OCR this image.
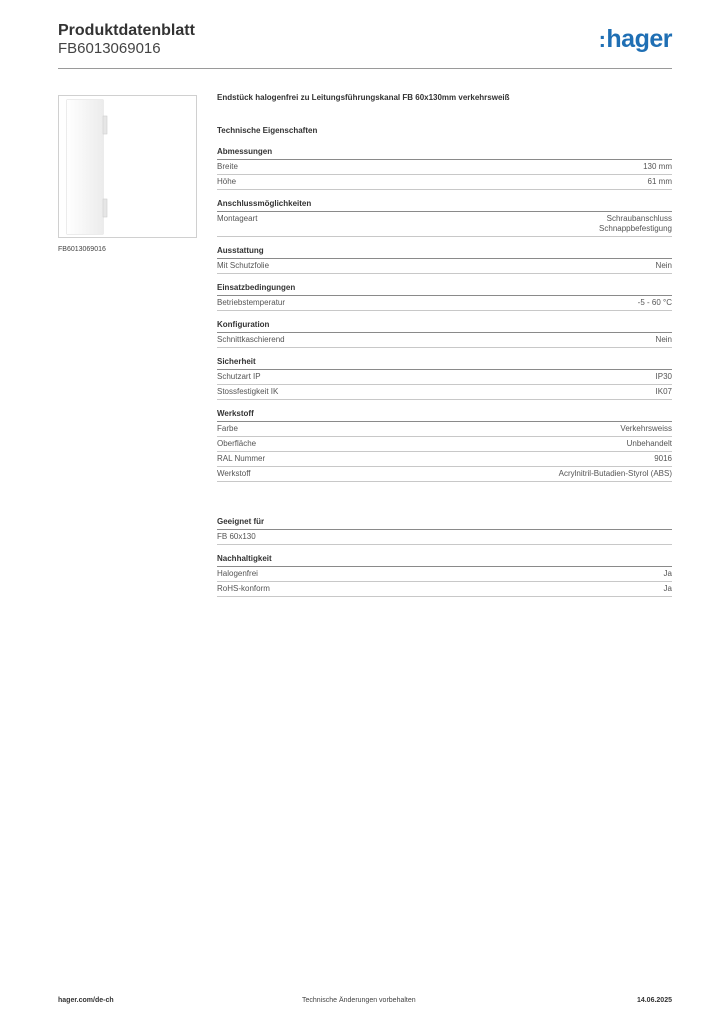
Produktdatenblatt
FB6013069016	:hager
FB6013069016
Endstück halogenfrei zu Leitungsführungskanal FB 60x130mm verkehrsweiß
Technische Eigenschaften
Abmessungen
Breite	130 mm
Höhe	61 mm
Anschlussmöglichkeiten
Montageart	Schraubanschluss
Schnappbefestigung
Ausstattung
Mit Schutzfolie	Nein
Einsatzbedingungen
Betriebstemperatur	-5 - 60 °C
Konfiguration
Schnittkaschierend	Nein
Sicherheit
Schutzart IP	IP30
Stossfestigkeit IK	IK07
Werkstoff
Farbe	Verkehrsweiss
Oberfläche	Unbehandelt
RAL Nummer	9016
Werkstoff	Acrylnitril-Butadien-Styrol (ABS)
Geeignet für
FB 60x130
Nachhaltigkeit
Halogenfrei	Ja
RoHS-konform	Ja
hager.com/de-ch	Technische Änderungen vorbehalten	14.06.2025
